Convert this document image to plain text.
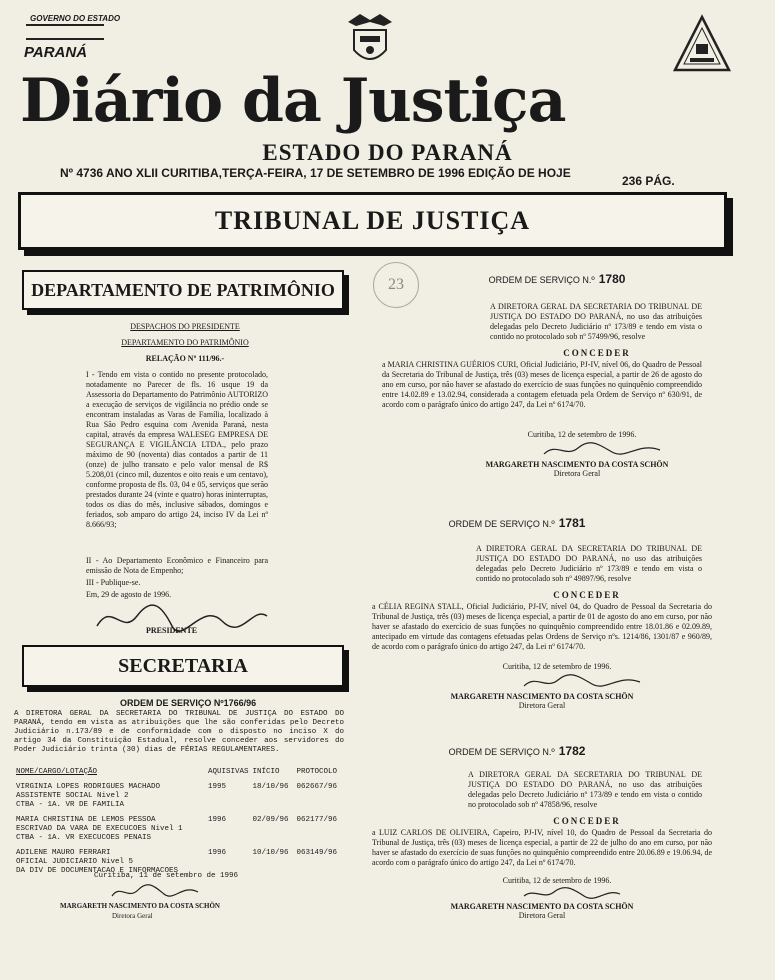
GOVERNO DO ESTADO
PARANÁ
Diário da Justiça
ESTADO DO PARANÁ
Nº 4736 ANO XLII CURITIBA,TERÇA-FEIRA, 17 DE SETEMBRO DE 1996 EDIÇÃO DE HOJE
236 PÁG.
TRIBUNAL DE JUSTIÇA
23
DEPARTAMENTO DE PATRIMÔNIO
DESPACHOS DO PRESIDENTE
DEPARTAMENTO DO PATRIMÔNIO
RELAÇÃO Nº 111/96.-
I - Tendo em vista o contido no presente protocolado, notadamente no Parecer de fls. 16 usque 19 da Assessoria do Departamento do Patrimônio AUTORIZO a execução de serviços de vigilância no prédio onde se encontram instaladas as Varas de Família, localizado à Rua São Pedro esquina com Avenida Paraná, nesta capital, através da empresa WALESEG EMPRESA DE SEGURANÇA E VIGILÂNCIA LTDA., pelo prazo máximo de 90 (noventa) dias contados a partir de 11 (onze) de julho transato e pelo valor mensal de R$ 5.208,01 (cinco mil, duzentos e oito reais e um centavo), conforme proposta de fls. 03, 04 e 05, serviços que serão prestados durante 24 (vinte e quatro) horas ininterruptas, todos os dias do mês, inclusive sábados, domingos e feriados, sob amparo do artigo 24, inciso IV da Lei nº 8.666/93;
II - Ao Departamento Econômico e Financeiro para emissão de Nota de Empenho;
III - Publique-se.
Em, 29 de agosto de 1996.
PRESIDENTE
SECRETARIA
ORDEM DE SERVIÇO Nº1766/96
A DIRETORA GERAL DA SECRETARIA DO TRIBUNAL DE JUSTIÇA DO ESTADO DO PARANÁ, tendo em vista as atribuições que lhe são conferidas pelo Decreto Judiciário n.173/89 e de conformidade com o disposto no inciso X do artigo 34 da Constituição Estadual, resolve conceder aos servidores do Poder Judiciário trinta (30) dias de FÉRIAS REGULAMENTARES.
NOME/CARGO/LOTAÇÃO	AQUISIVAS	INÍCIO	PROTOCOLO

VIRGINIA LOPES RODRIGUES MACHADO
ASSISTENTE SOCIAL Nivel 2
CTBA - 1A. VR DE FAMILIA	1995	18/10/96	062667/96

MARIA CHRISTINA DE LEMOS PESSOA
ESCRIVAO DA VARA DE EXECUCOES Nivel 1
CTBA - 1A. VR EXECUCOES PENAIS	1996	02/09/96	062177/96

ADILENE MAURO FERRARI
OFICIAL JUDICIARIO Nivel 5
DA DIV DE DOCUMENTACAO E INFORMACOES	1996	10/10/96	063149/96
Curitiba, 11 de setembro de 1996
MARGARETH NASCIMENTO DA COSTA SCHÖN
Diretora Geral
ORDEM DE SERVIÇO N.º 1780
A DIRETORA GERAL DA SECRETARIA DO TRIBUNAL DE JUSTIÇA DO ESTADO DO PARANÁ, no uso das atribuições delegadas pelo Decreto Judiciário nº 173/89 e tendo em vista o contido no protocolado sob nº 57499/96, resolve
CONCEDER
a MARIA CHRISTINA GUÉRIOS CURI, Oficial Judiciário, PJ-IV, nível 06, do Quadro de Pessoal da Secretaria do Tribunal de Justiça, três (03) meses de licença especial, a partir de 26 de agosto do ano em curso, por não haver se afastado do exercício de suas funções no quinquênio compreendido entre 14.02.89 e 13.02.94, considerada a contagem efetuada pela Ordem de Serviço nº 630/91, de acordo com o parágrafo único do artigo 247, da Lei nº 6174/70.
Curitiba, 12 de setembro de 1996.
MARGARETH NASCIMENTO DA COSTA SCHÖN
Diretora Geral
ORDEM DE SERVIÇO N.º 1781
A DIRETORA GERAL DA SECRETARIA DO TRIBUNAL DE JUSTIÇA DO ESTADO DO PARANÁ, no uso das atribuições delegadas pelo Decreto Judiciário nº 173/89 e tendo em vista o contido no protocolado sob nº 49897/96, resolve
CONCEDER
a CÉLIA REGINA STALL, Oficial Judiciário, PJ-IV, nível 04, do Quadro de Pessoal da Secretaria do Tribunal de Justiça, três (03) meses de licença especial, a partir de 01 de agosto do ano em curso, por não haver se afastado do exercício de suas funções no quinquênio compreendido entre 18.01.86 e 02.09.89, antecipado em virtude das contagens efetuadas pelas Ordens de Serviço nºs. 1214/86, 1301/87 e 960/89, de acordo com o parágrafo único do artigo 247, da Lei nº 6174/70.
Curitiba, 12 de setembro de 1996.
MARGARETH NASCIMENTO DA COSTA SCHÖN
Diretora Geral
ORDEM DE SERVIÇO N.º 1782
A DIRETORA GERAL DA SECRETARIA DO TRIBUNAL DE JUSTIÇA DO ESTADO DO PARANÁ, no uso das atribuições delegadas pelo Decreto Judiciário nº 173/89 e tendo em vista o contido no protocolado sob nº 47858/96, resolve
CONCEDER
a LUIZ CARLOS DE OLIVEIRA, Capeiro, PJ-IV, nível 10, do Quadro de Pessoal da Secretaria do Tribunal de Justiça, três (03) meses de licença especial, a partir de 22 de julho do ano em curso, por não haver se afastado do exercício de suas funções no quinquênio compreendido entre 20.06.89 e 19.06.94, de acordo com o parágrafo único do artigo 247, da Lei nº 6174/70.
Curitiba, 12 de setembro de 1996.
MARGARETH NASCIMENTO DA COSTA SCHÖN
Diretora Geral
